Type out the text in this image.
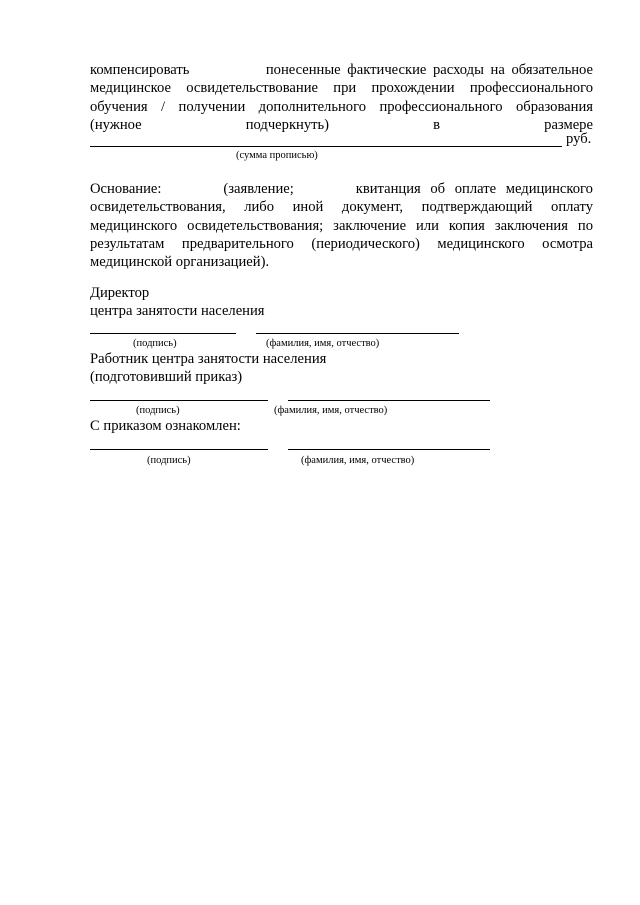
компенсировать	понесенные фактические расходы на обязательное
медицинское освидетельствование при прохождении профессионального
обучения / получении дополнительного профессионального образования
(нужное	подчеркнуть)	в	размере
руб.
(сумма прописью)
Основание:	(заявление;	квитанция об оплате медицинского
освидетельствования, либо иной документ, подтверждающий оплату
медицинского освидетельствования; заключение или копия заключения по
результатам предварительного (периодического) медицинского осмотра
медицинской организацией).
Директор
центра занятости населения
(подпись)	(фамилия, имя, отчество)
Работник центра занятости населения
(подготовивший приказ)
(подпись)	(фамилия, имя, отчество)
С приказом ознакомлен:
(подпись)	(фамилия, имя, отчество)
